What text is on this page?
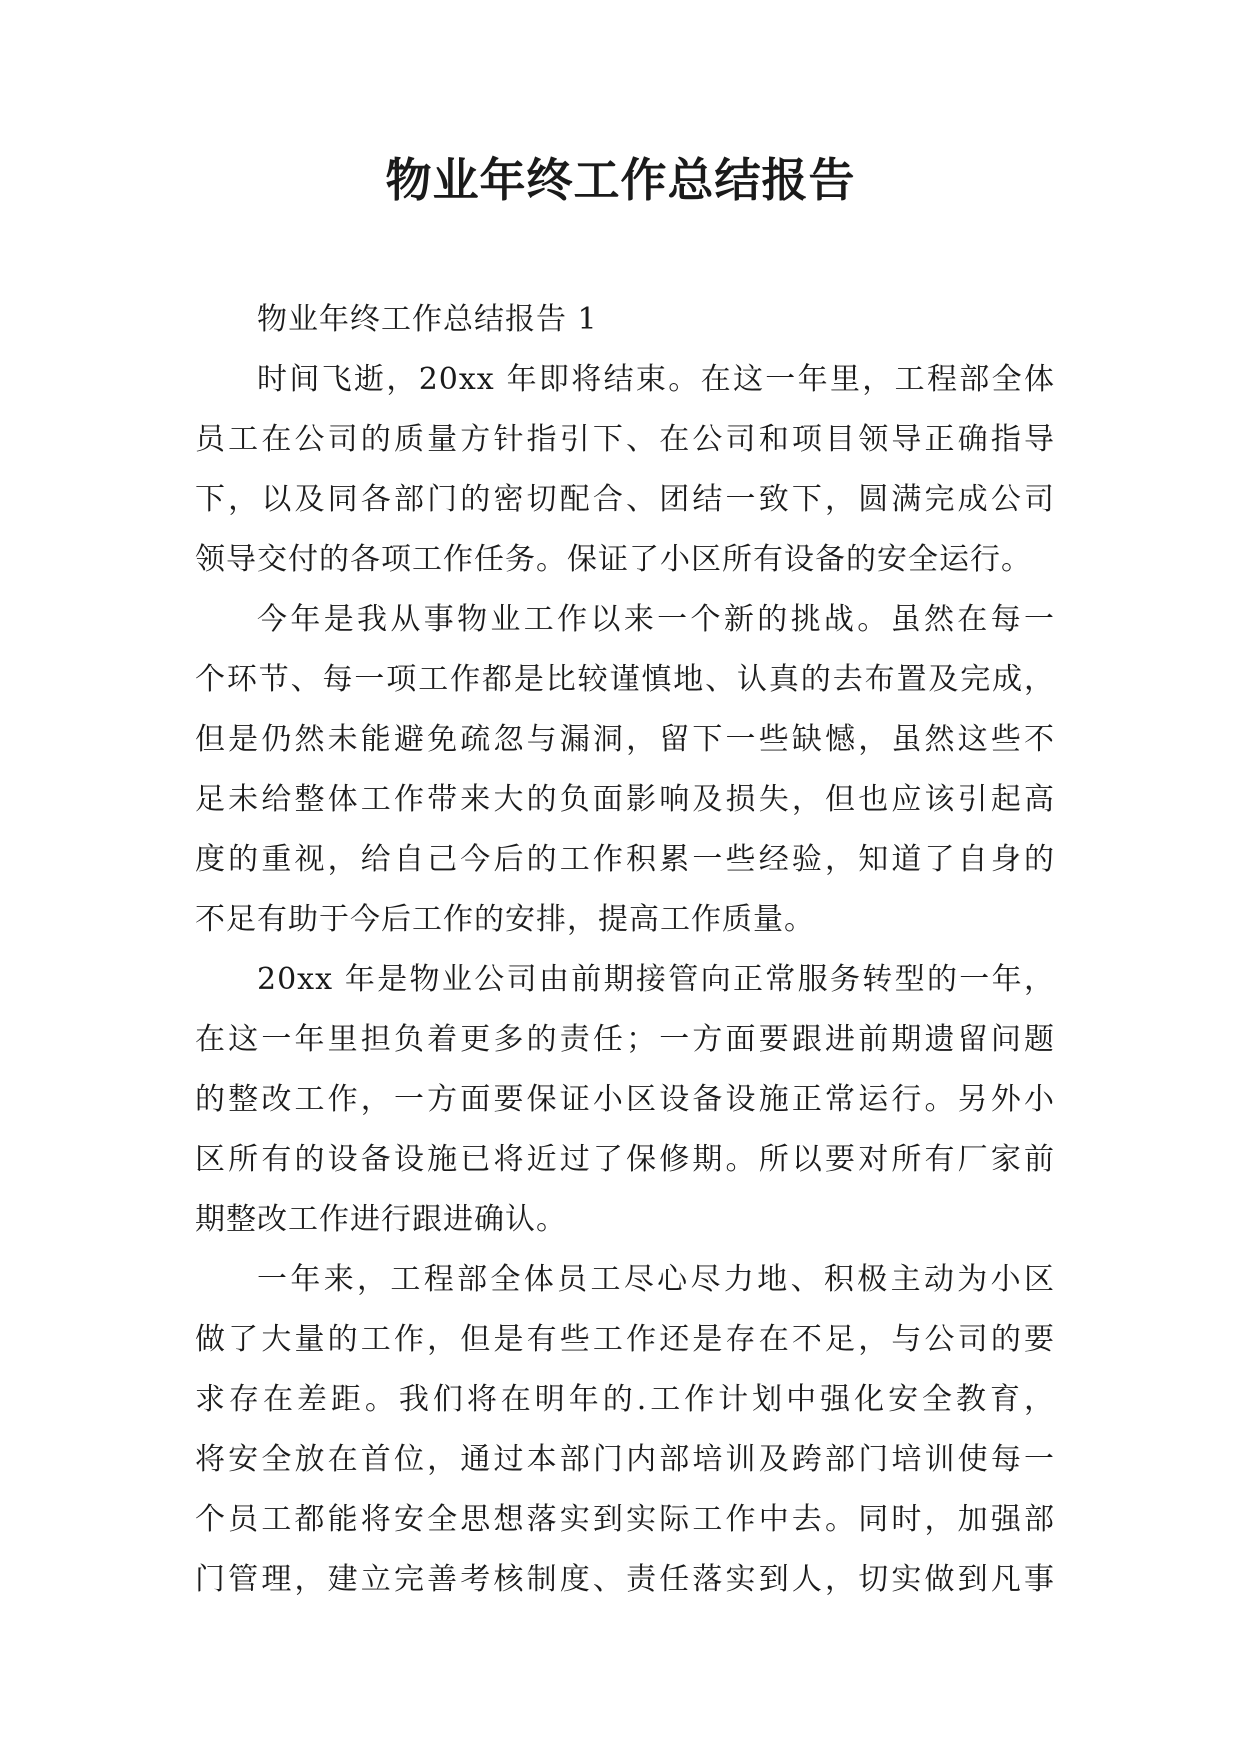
物业年终工作总结报告
物业年终工作总结报告 1
时间飞逝，20xx 年即将结束。在这一年里，工程部全体
员工在公司的质量方针指引下、在公司和项目领导正确指导
下，以及同各部门的密切配合、团结一致下，圆满完成公司
领导交付的各项工作任务。保证了小区所有设备的安全运行。
今年是我从事物业工作以来一个新的挑战。虽然在每一
个环节、每一项工作都是比较谨慎地、认真的去布置及完成，
但是仍然未能避免疏忽与漏洞，留下一些缺憾，虽然这些不
足未给整体工作带来大的负面影响及损失，但也应该引起高
度的重视，给自己今后的工作积累一些经验，知道了自身的
不足有助于今后工作的安排，提高工作质量。
20xx 年是物业公司由前期接管向正常服务转型的一年，
在这一年里担负着更多的责任；一方面要跟进前期遗留问题
的整改工作，一方面要保证小区设备设施正常运行。另外小
区所有的设备设施已将近过了保修期。所以要对所有厂家前
期整改工作进行跟进确认。
一年来，工程部全体员工尽心尽力地、积极主动为小区
做了大量的工作，但是有些工作还是存在不足，与公司的要
求存在差距。我们将在明年的.工作计划中强化安全教育，
将安全放在首位，通过本部门内部培训及跨部门培训使每一
个员工都能将安全思想落实到实际工作中去。同时，加强部
门管理，建立完善考核制度、责任落实到人，切实做到凡事
